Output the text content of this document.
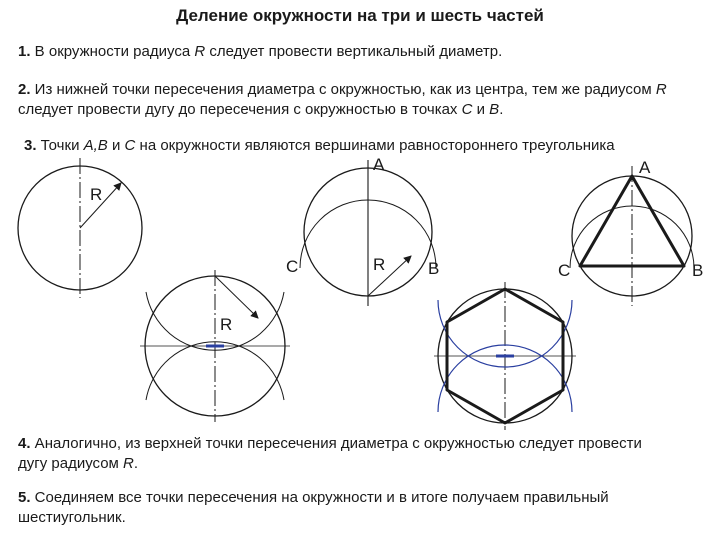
Деление окружности на три и шесть частей
1. В окружности радиуса R следует провести вертикальный диаметр.
2. Из нижней точки пересечения диаметра с окружностью, как из центра, тем же радиусом R следует провести дугу до пересечения с окружностью в точках С и В.
3. Точки А,В и С на окружности являются вершинами равностороннего треугольника
4. Аналогично, из верхней точки пересечения диаметра с окружностью следует провести дугу радиусом R.
5. Соединяем все точки пересечения на окружности и в итоге получаем правильный шестиугольник.
R
A
R
C	B
A
C	B
R
